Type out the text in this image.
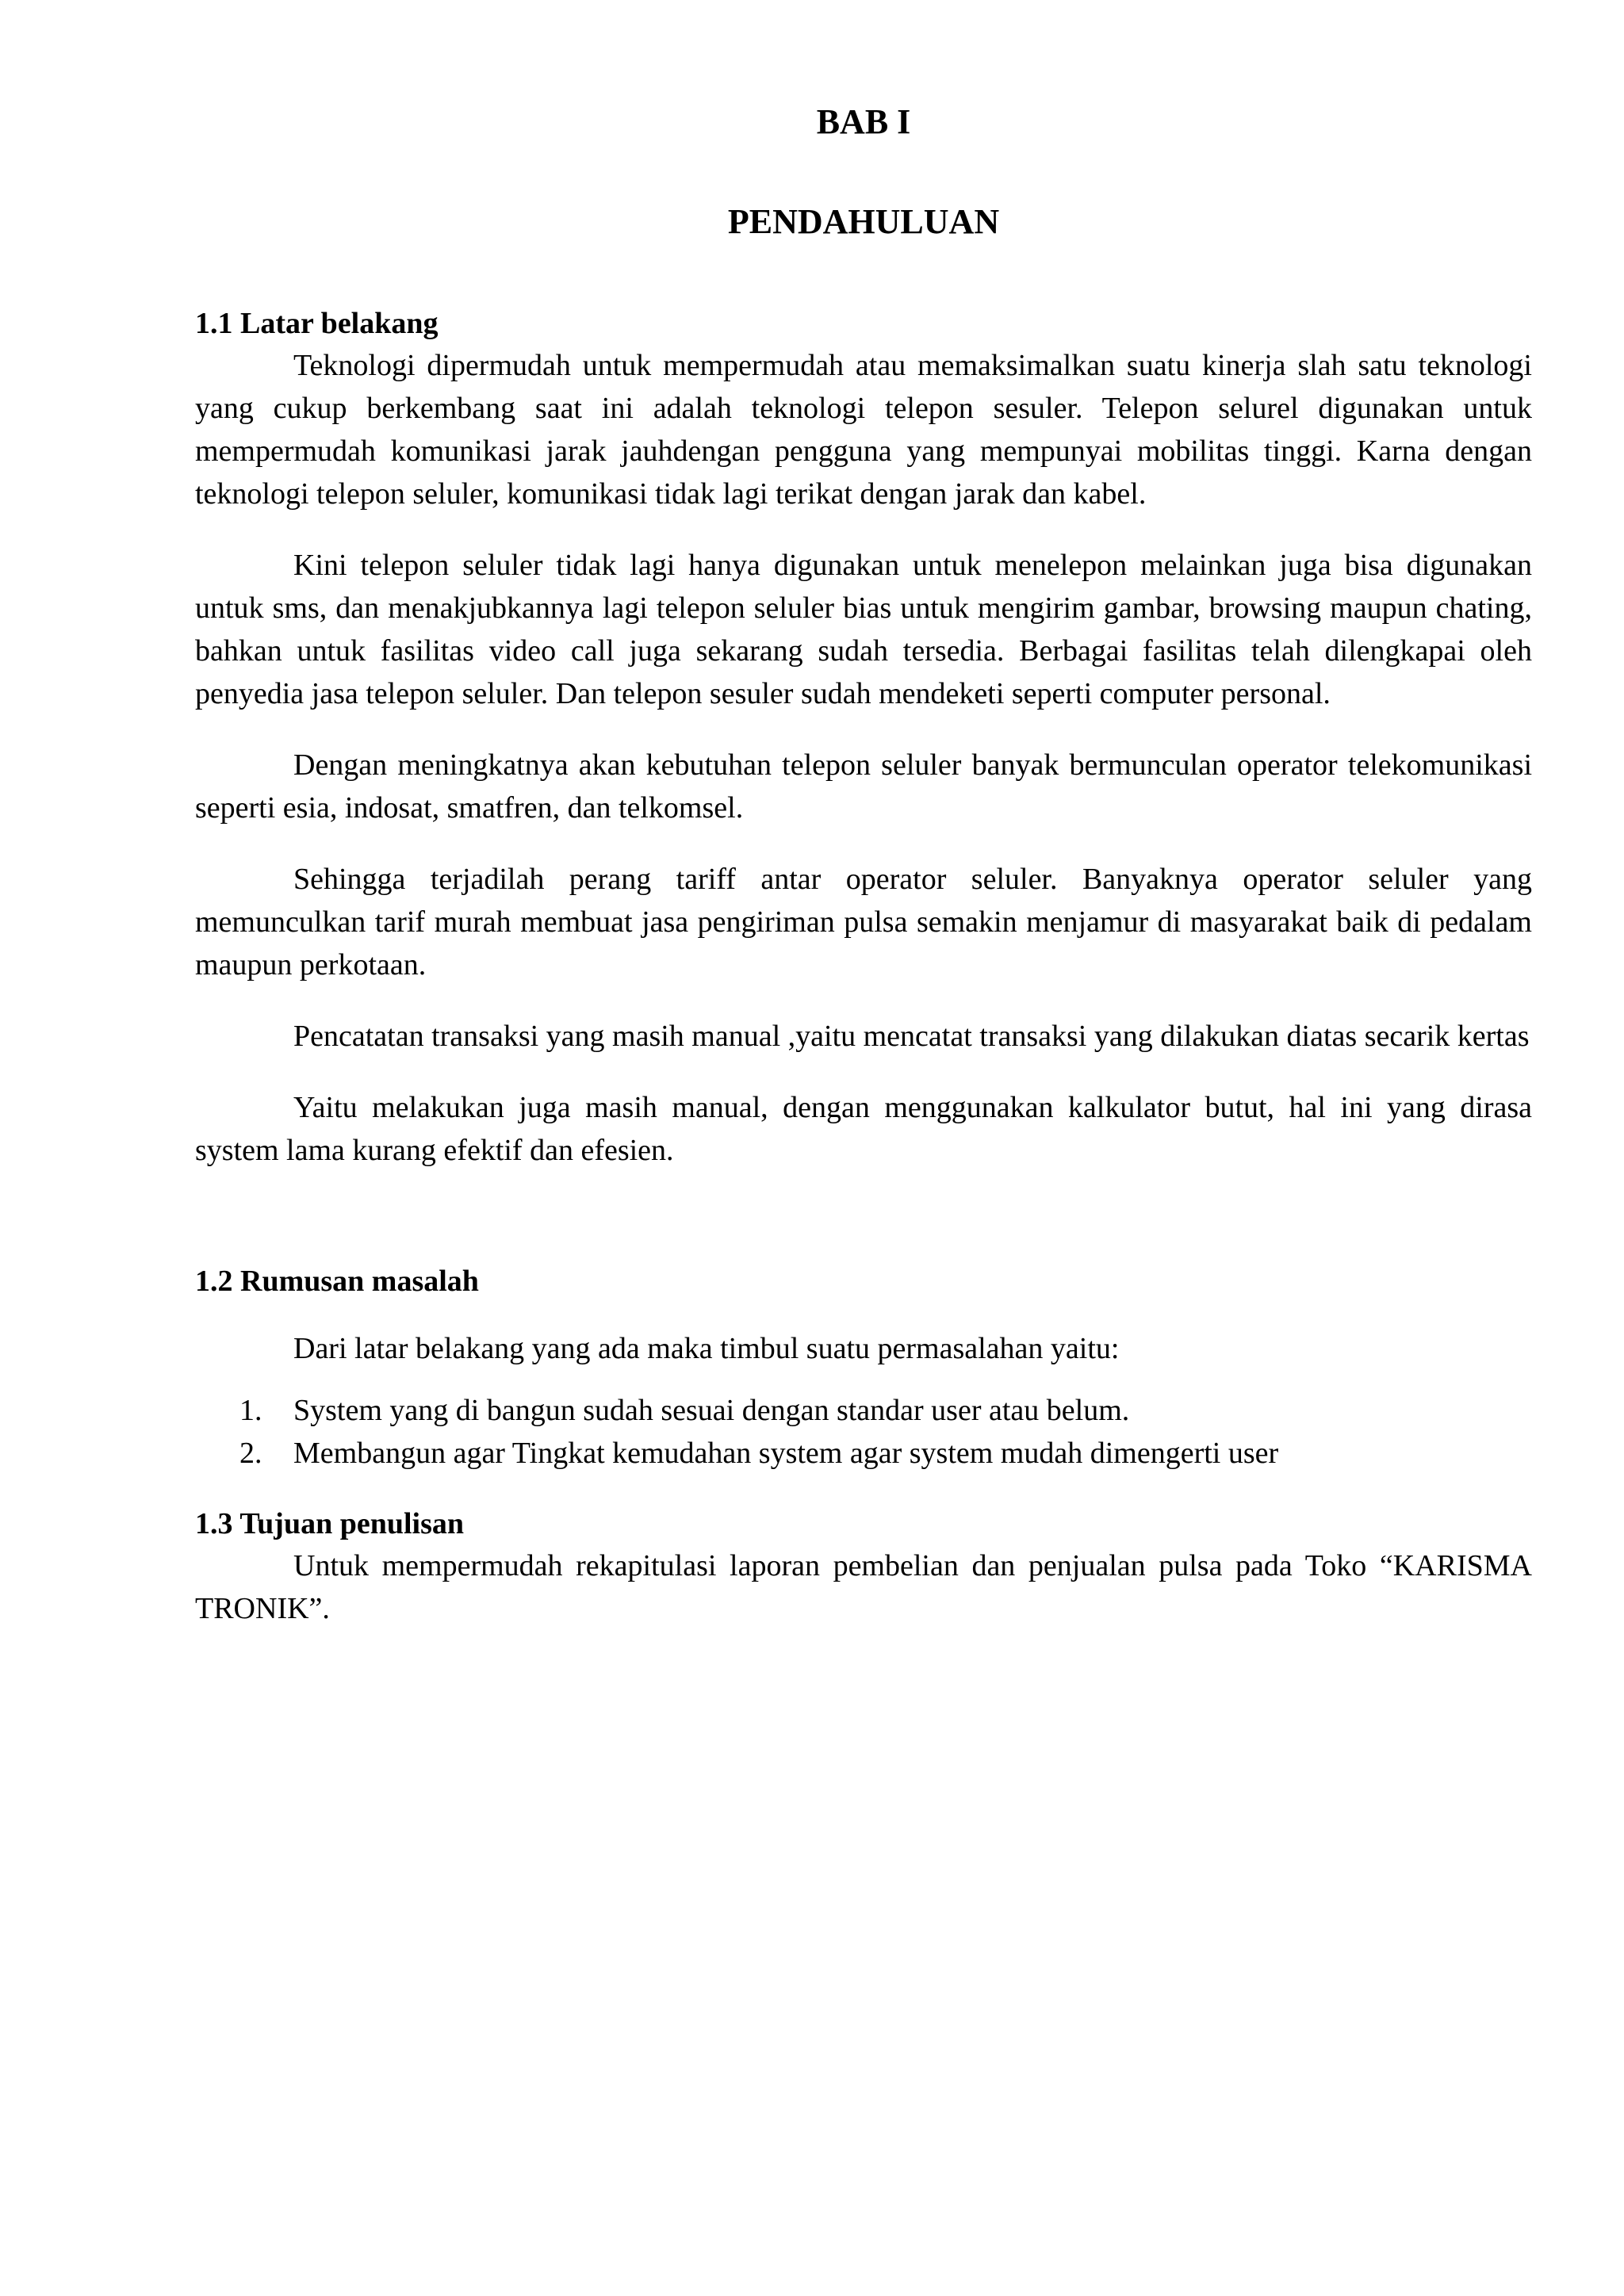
BAB I
PENDAHULUAN
1.1 Latar belakang

Teknologi dipermudah untuk mempermudah atau memaksimalkan suatu kinerja slah satu teknologi yang cukup berkembang saat ini adalah teknologi telepon sesuler. Telepon selurel digunakan untuk mempermudah komunikasi jarak jauhdengan pengguna yang mempunyai mobilitas tinggi. Karna dengan teknologi telepon seluler, komunikasi tidak lagi terikat dengan jarak dan kabel.

Kini telepon seluler tidak lagi hanya digunakan untuk menelepon melainkan juga bisa digunakan untuk sms, dan menakjubkannya lagi telepon seluler bias untuk mengirim gambar, browsing maupun chating, bahkan untuk fasilitas video call juga sekarang sudah tersedia. Berbagai fasilitas telah dilengkapai oleh penyedia jasa telepon seluler. Dan telepon sesuler sudah mendeketi seperti computer personal.

Dengan meningkatnya akan kebutuhan telepon seluler banyak bermunculan operator telekomunikasi seperti esia, indosat, smatfren, dan telkomsel.

Sehingga terjadilah perang tariff antar operator seluler. Banyaknya operator seluler yang memunculkan tarif murah membuat jasa pengiriman pulsa semakin menjamur di masyarakat baik di pedalam maupun perkotaan.

Pencatatan transaksi yang masih manual ,yaitu mencatat transaksi yang dilakukan diatas secarik kertas

Yaitu melakukan juga masih manual, dengan menggunakan kalkulator butut, hal ini yang dirasa system lama kurang efektif dan efesien.

1.2 Rumusan masalah

Dari latar belakang yang ada maka timbul suatu permasalahan yaitu:

1. System yang di bangun sudah sesuai dengan standar user atau belum.
2. Membangun agar Tingkat kemudahan system agar system mudah dimengerti user
1.3 Tujuan penulisan

Untuk mempermudah rekapitulasi laporan pembelian dan penjualan pulsa pada Toko “KARISMA TRONIK”.
